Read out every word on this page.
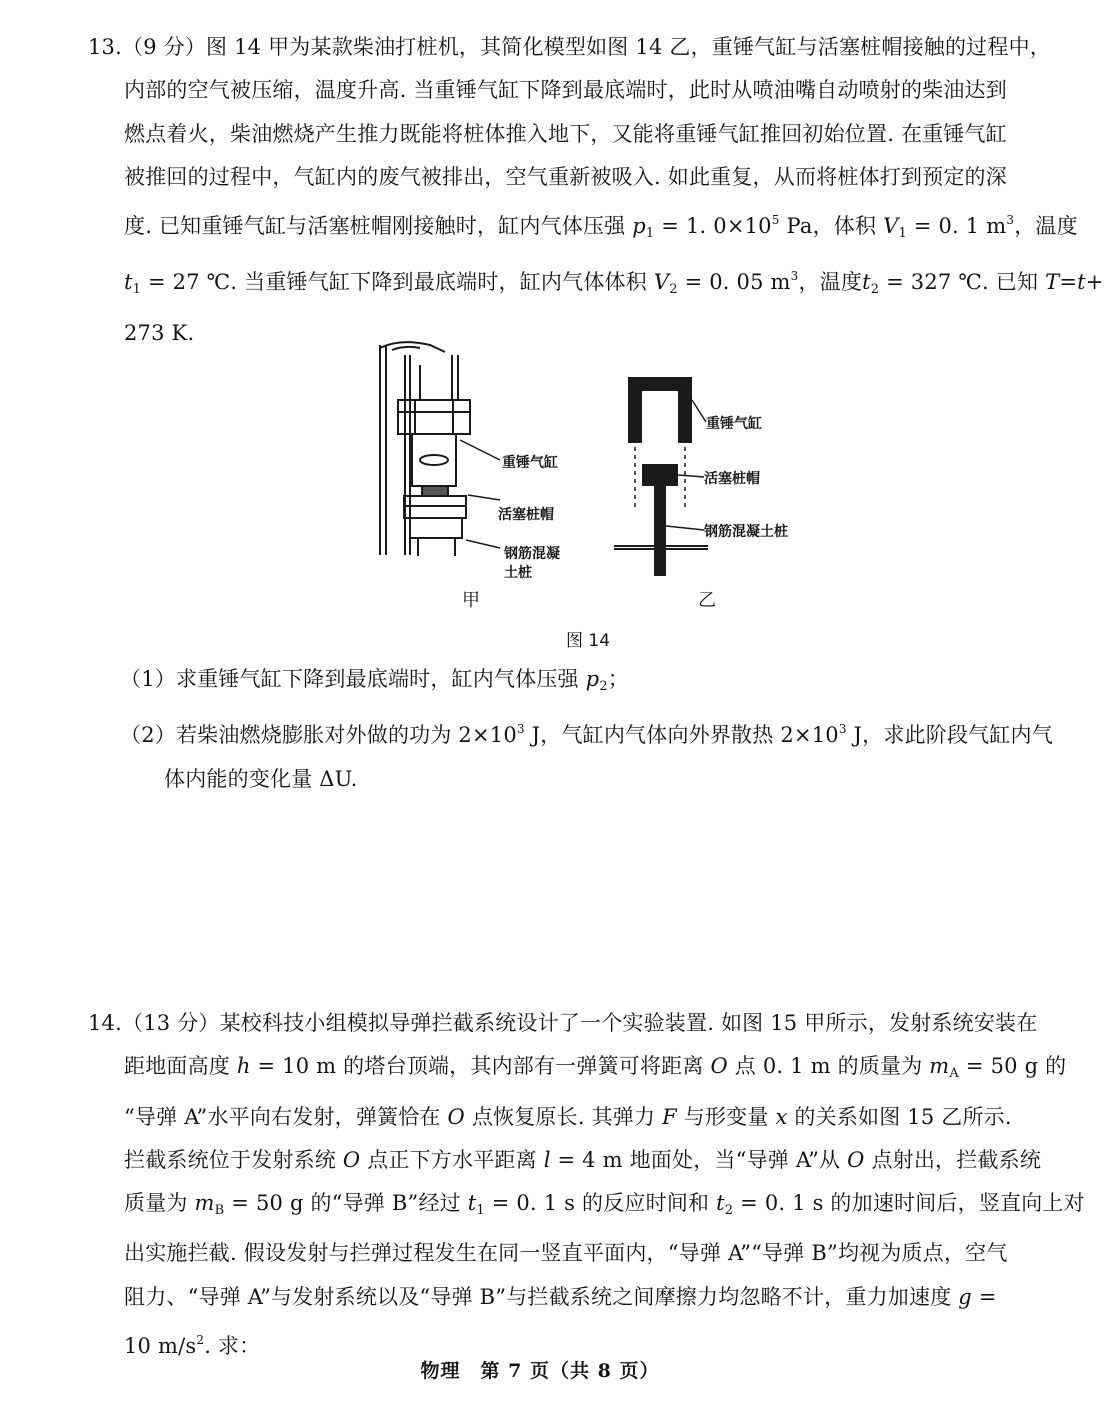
13.（9 分）图 14 甲为某款柴油打桩机，其简化模型如图 14 乙，重锤气缸与活塞桩帽接触的过程中，
内部的空气被压缩，温度升高. 当重锤气缸下降到最底端时，此时从喷油嘴自动喷射的柴油达到
燃点着火，柴油燃烧产生推力既能将桩体推入地下，又能将重锤气缸推回初始位置. 在重锤气缸
被推回的过程中，气缸内的废气被排出，空气重新被吸入. 如此重复，从而将桩体打到预定的深
度. 已知重锤气缸与活塞桩帽刚接触时，缸内气体压强 $p_1 = 1$. $0\times 10^5$ Pa，体积 $V_1 = 0$. 1 $m^3$，温度
$t_1 = 27$ ℃. 当重锤气缸下降到最底端时，缸内气体体积 $V_2 = 0$. 05 $m^3$，温度$t_2 = 327$ ℃. 已知 T=t+
273 K.
重锤气缸
活塞桩帽
钢筋混凝
土桩
重锤气缸
活塞桩帽
钢筋混凝土桩
甲	乙
图 14
（1）求重锤气缸下降到最底端时，缸内气体压强 $p_2$；
（2）若柴油燃烧膨胀对外做的功为 $2\times 10^3$ J，气缸内气体向外界散热 $2\times 10^3$ J，求此阶段气缸内气
体内能的变化量 ΔU.
14.（13 分）某校科技小组模拟导弹拦截系统设计了一个实验装置. 如图 15 甲所示，发射系统安装在
距地面高度 h = 10 m 的塔台顶端，其内部有一弹簧可将距离 O 点 0. 1 m 的质量为 $m_A = 50$ g 的
“导弹 A”水平向右发射，弹簧恰在 O 点恢复原长. 其弹力 F 与形变量 x 的关系如图 15 乙所示.
拦截系统位于发射系统 O 点正下方水平距离 l = 4 m 地面处，当“导弹 A”从 O 点射出，拦截系统
质量为 $m_B = 50$ g 的“导弹 B”经过 $t_1 = 0$. 1 s 的反应时间和 $t_2 = 0$. 1 s 的加速时间后，竖直向上对
出实施拦截. 假设发射与拦弹过程发生在同一竖直平面内，“导弹 A”“导弹 B”均视为质点，空气
阻力、“导弹 A”与发射系统以及“导弹 B”与拦截系统之间摩擦力均忽略不计，重力加速度 g =
10 $m/s^2$. 求：
物理　第 7 页（共 8 页）
